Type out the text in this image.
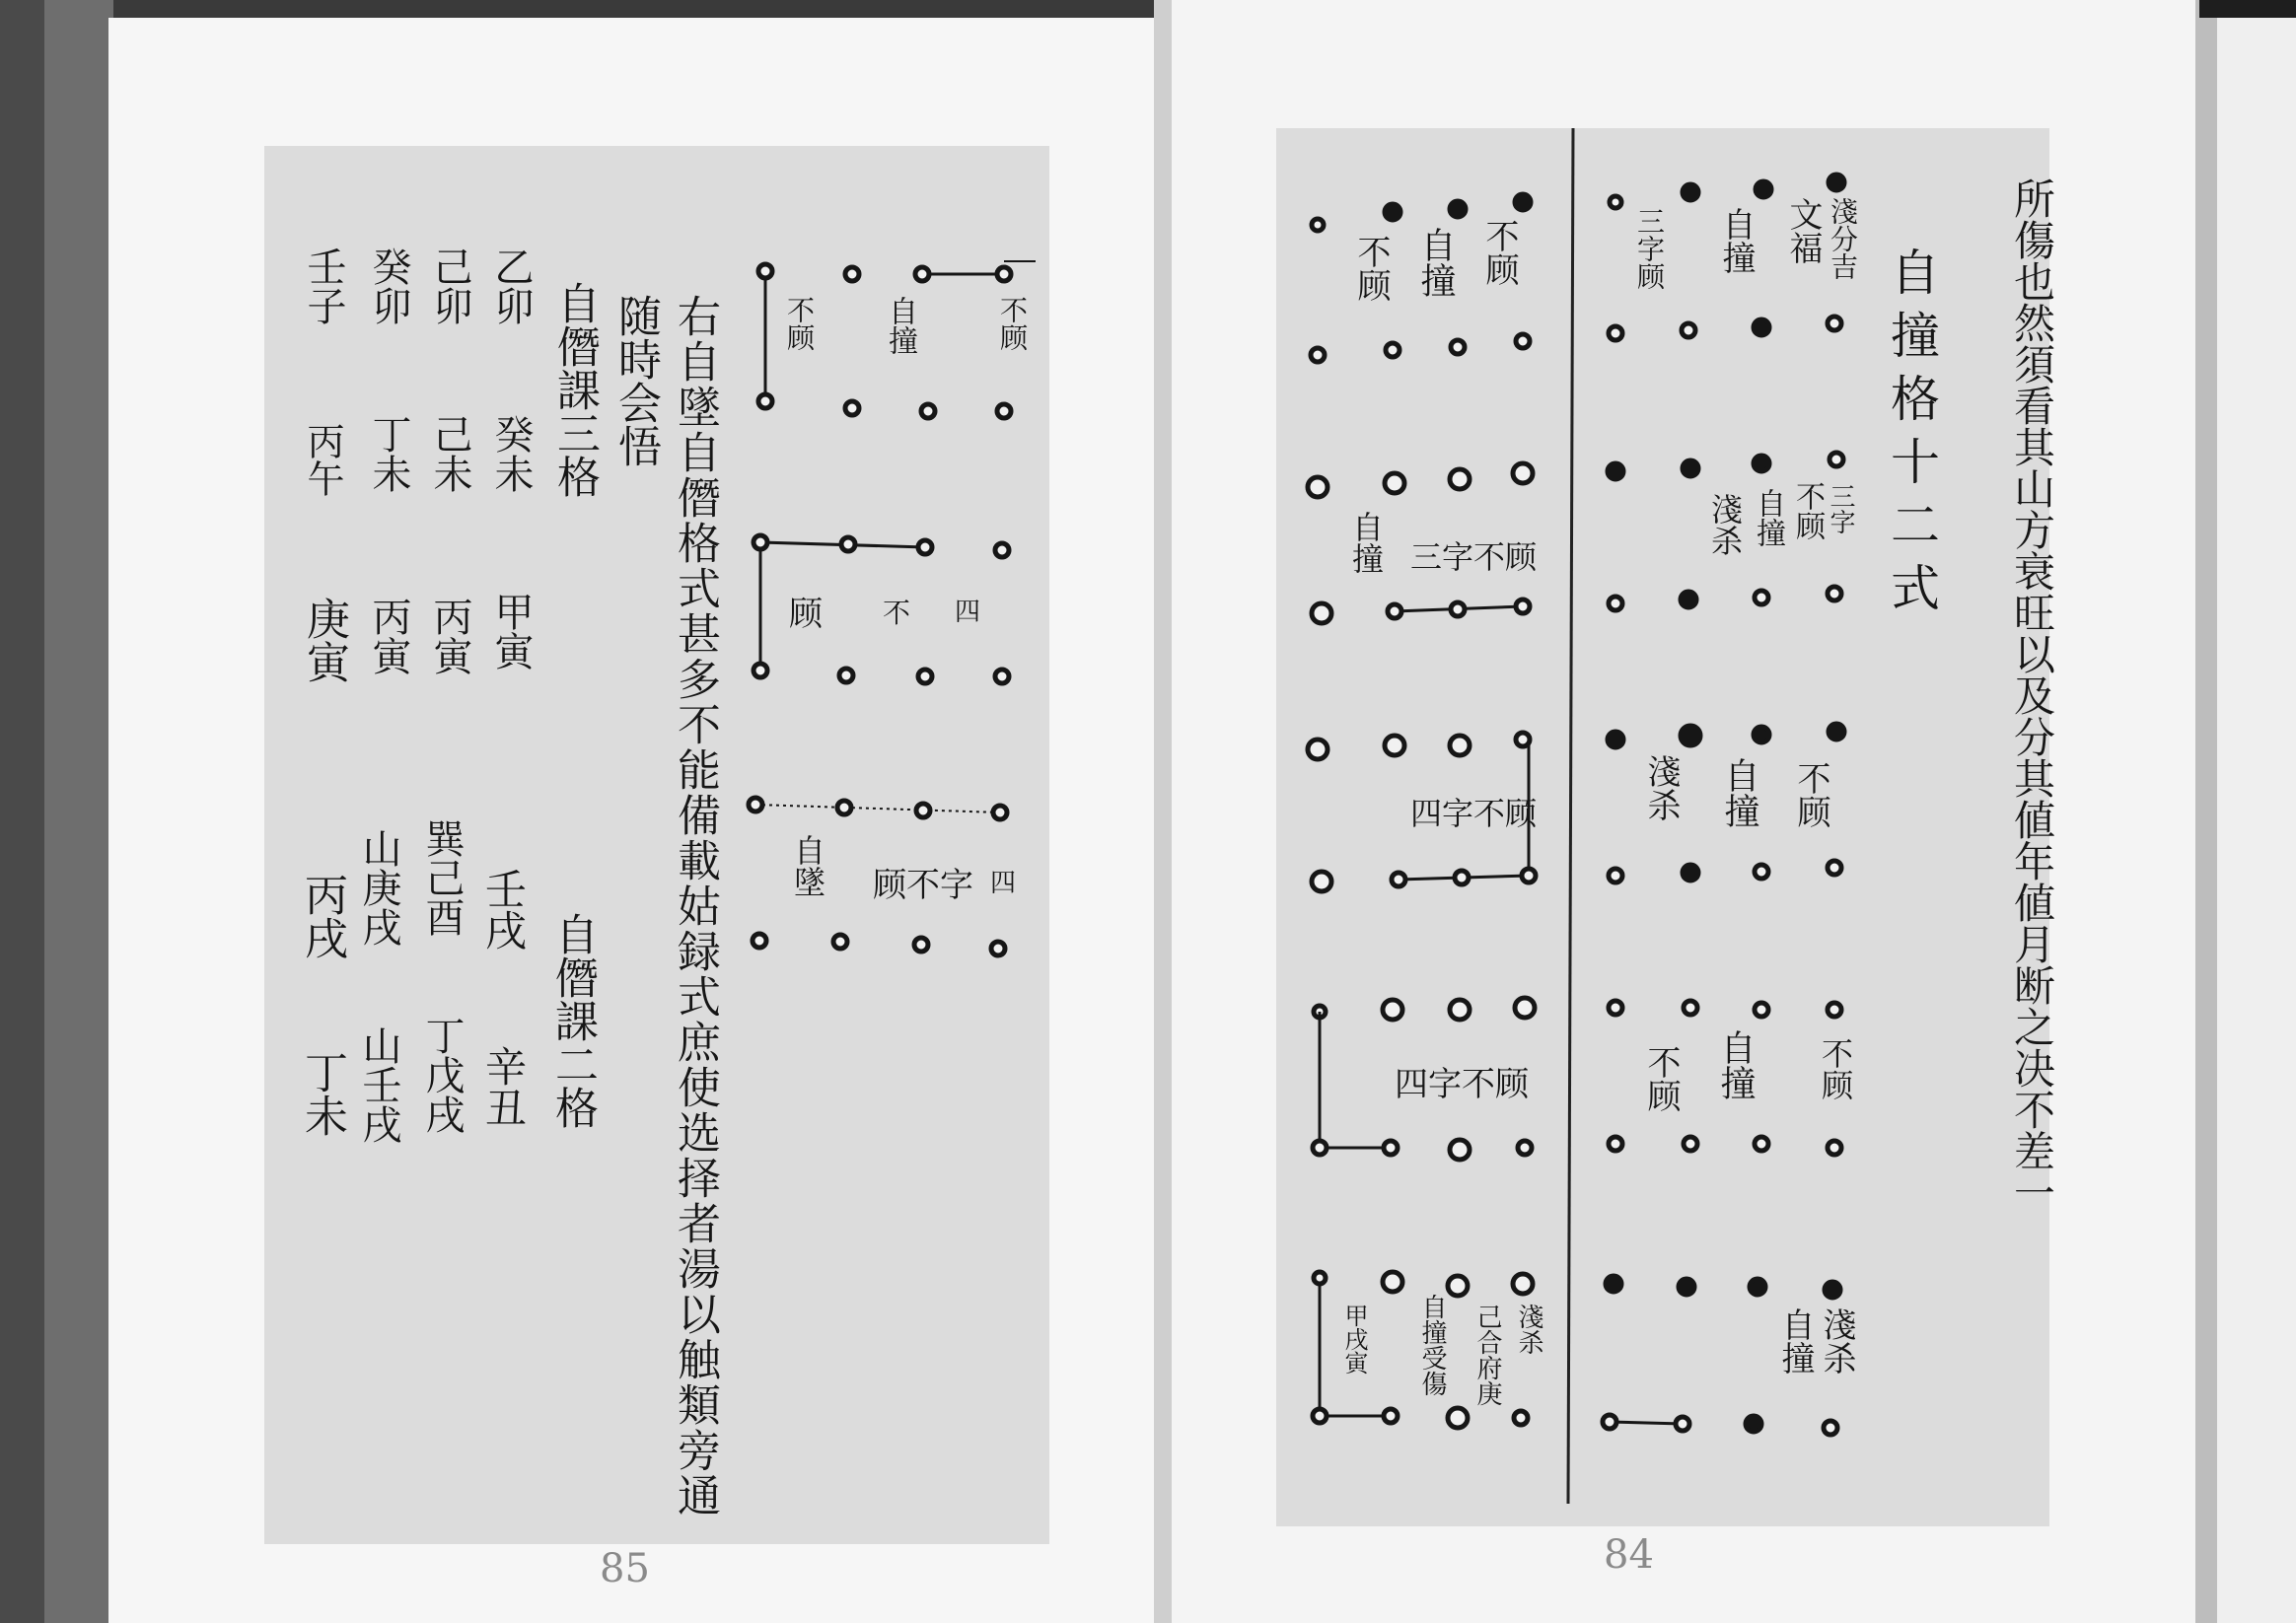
右自墜自僭格式甚多不能備載姑録式庶使选择者湯以触類旁通
随時会悟
自僭課三格
乙卯
癸未
甲寅
己卯
己未
丙寅
癸卯
丁未
丙寅
壬子
丙午
庚寅
自僭課二格
壬戌
辛丑
巽己酉
丁戊戌
山庚戌
山壬戌
丙戌
丁未
不顾
自撞
不顾
顾 不 四
自墜 顾不字 四
85
所傷也然須看其山方衰旺以及分其値年値月断之决不差一
自撞格十二式
淺分吉
文福
自撞
三字顾
三字
不顾
自撞
淺杀
不顾
自撞
淺杀
不顾
自撞
不顾
淺杀
自撞
不顾
自撞
不顾
三字不顾
自撞
四字不顾
四字不顾
淺杀
己合府庚
自撞受傷
甲戌寅
84
